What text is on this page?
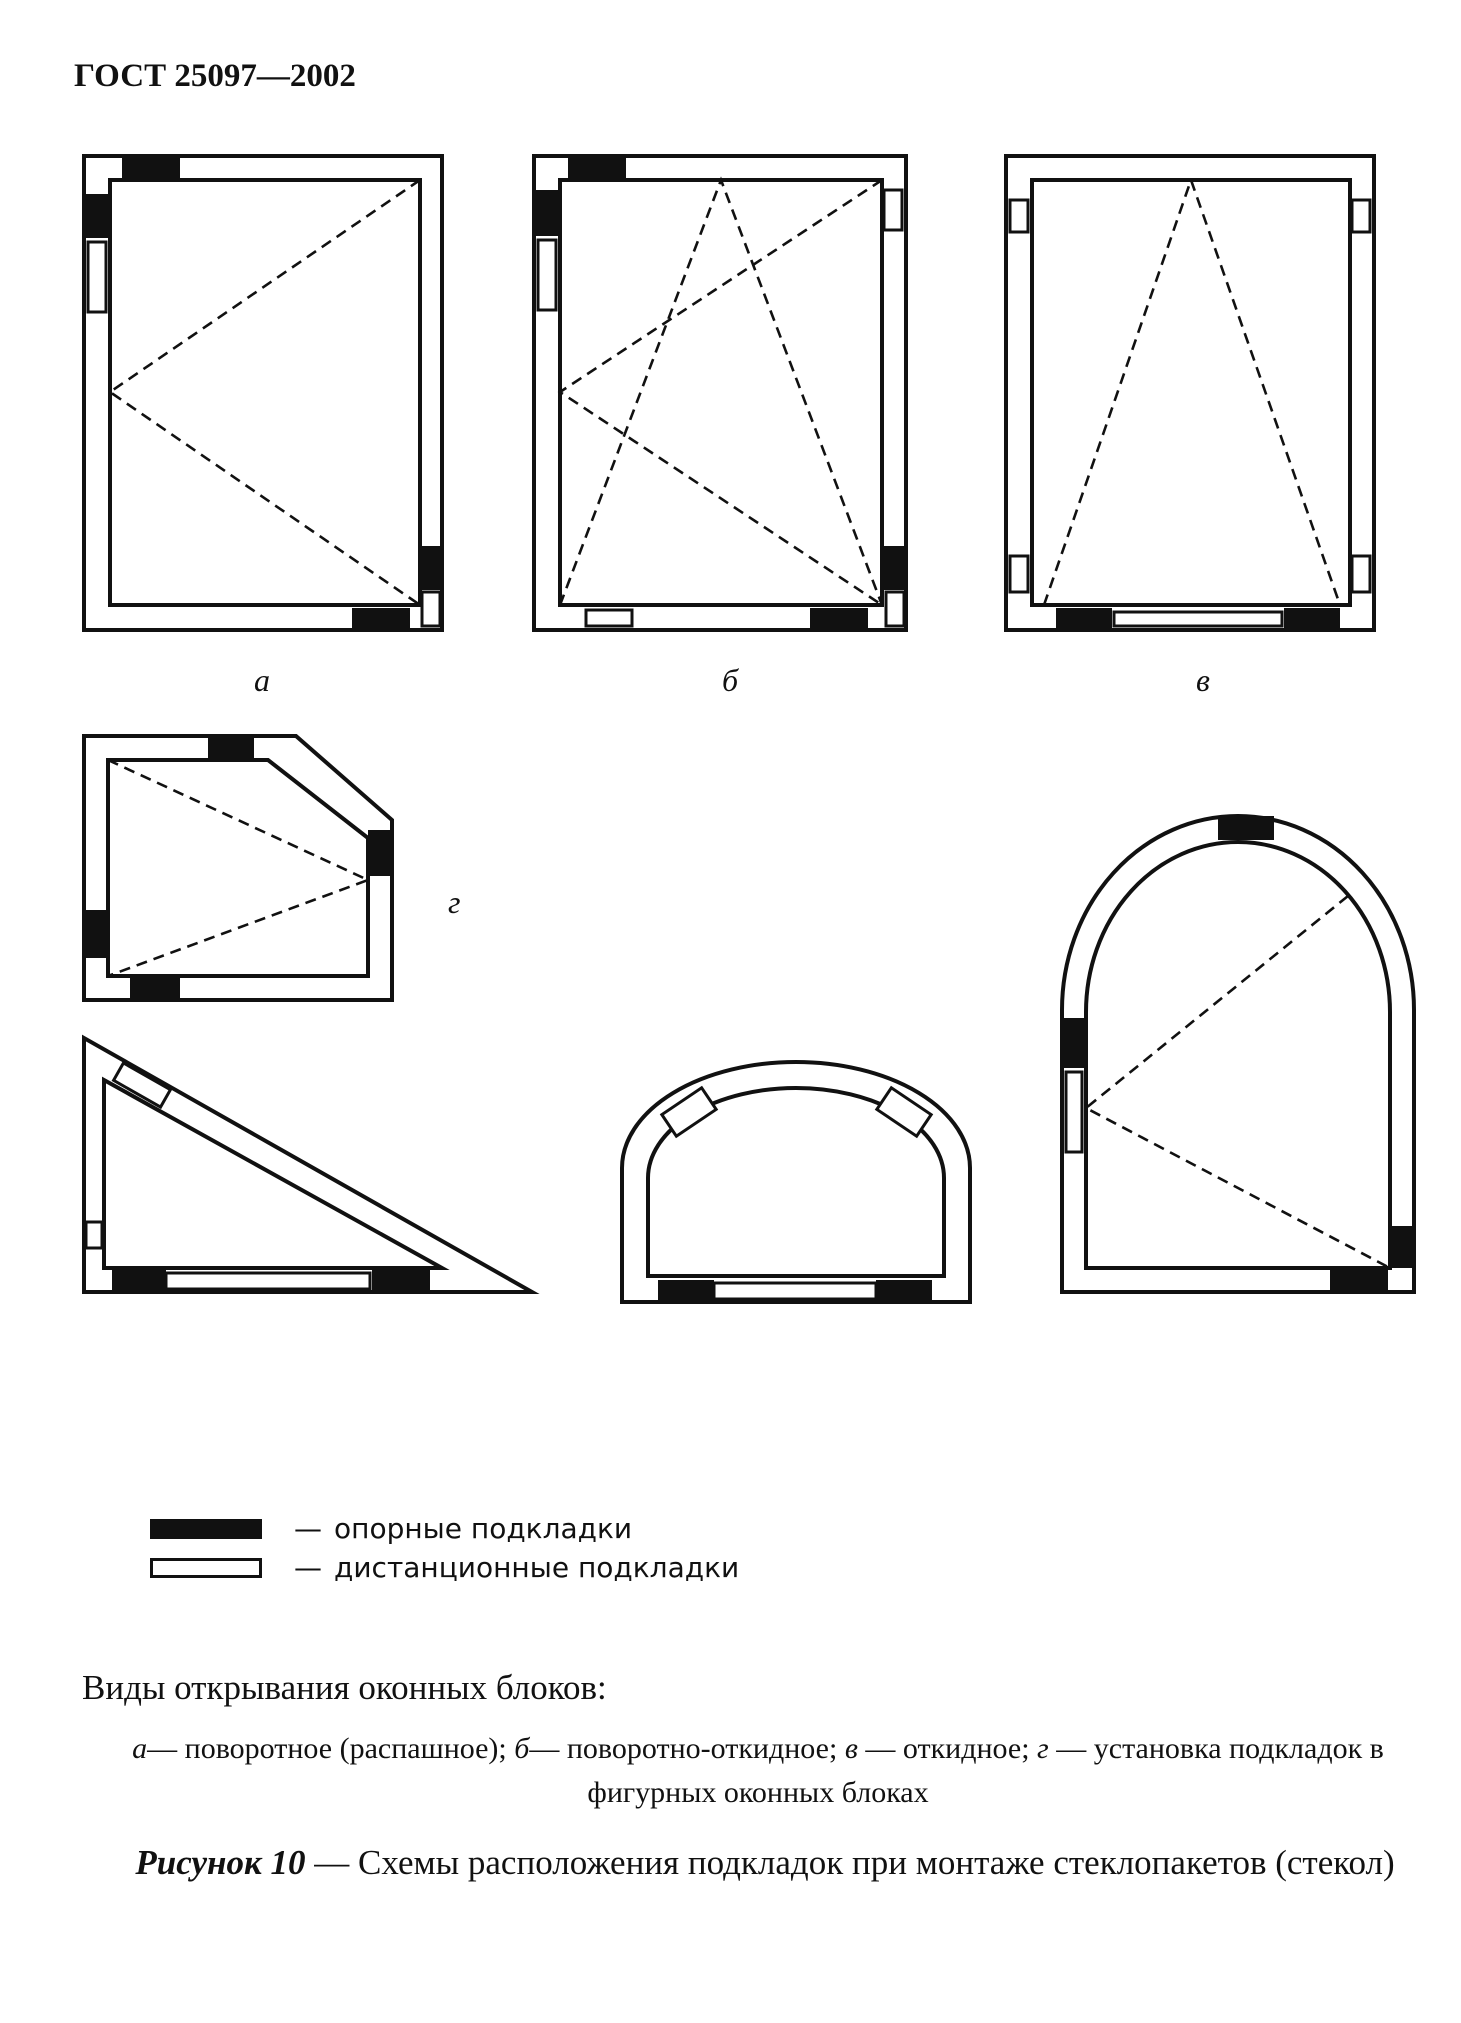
ГОСТ 25097—2002
а	б	в
г
— опорные подкладки
— дистанционные подкладки
Виды открывания оконных блоков:
а— поворотное (распашное); б— поворотно-откидное; в — откидное; г — установка подкладок в фигурных оконных блоках
Рисунок 10 — Схемы расположения подкладок при монтаже стеклопакетов (стекол)
